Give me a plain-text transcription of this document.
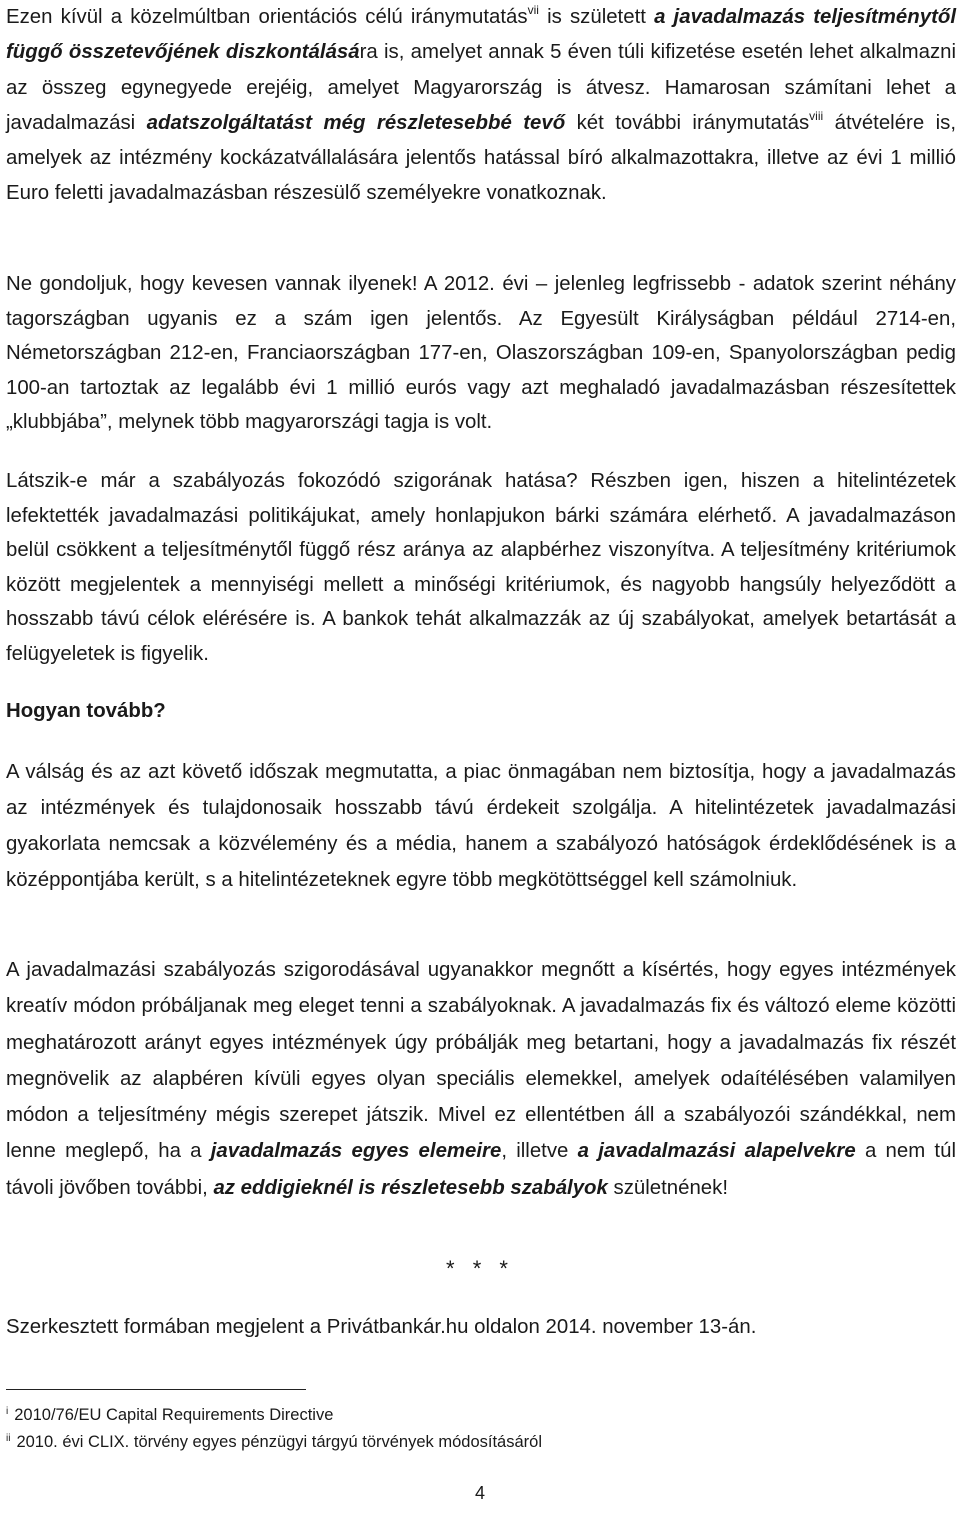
Ezen kívül a közelmúltban orientációs célú iránymutatás$^{vii}$ is született a javadalmazás teljesítménytől függő összetevőjének diszkontálására is, amelyet annak 5 éven túli kifizetése esetén lehet alkalmazni az összeg egynegyede erejéig, amelyet Magyarország is átvesz. Hamarosan számítani lehet a javadalmazási adatszolgáltatást még részletesebbé tevő két további iránymutatás$^{viii}$ átvételére is, amelyek az intézmény kockázatvállalására jelentős hatással bíró alkalmazottakra, illetve az évi 1 millió Euro feletti javadalmazásban részesülő személyekre vonatkoznak.

Ne gondoljuk, hogy kevesen vannak ilyenek! A 2012. évi – jelenleg legfrissebb - adatok szerint néhány tagországban ugyanis ez a szám igen jelentős. Az Egyesült Királyságban például 2714-en, Németországban 212-en, Franciaországban 177-en, Olaszországban 109-en, Spanyolországban pedig 100-an tartoztak az legalább évi 1 millió eurós vagy azt meghaladó javadalmazásban részesítettek „klubbjába”, melynek több magyarországi tagja is volt.

Látszik-e már a szabályozás fokozódó szigorának hatása? Részben igen, hiszen a hitelintézetek lefektették javadalmazási politikájukat, amely honlapjukon bárki számára elérhető. A javadalmazáson belül csökkent a teljesítménytől függő rész aránya az alapbérhez viszonyítva. A teljesítmény kritériumok között megjelentek a mennyiségi mellett a minőségi kritériumok, és nagyobb hangsúly helyeződött a hosszabb távú célok elérésére is. A bankok tehát alkalmazzák az új szabályokat, amelyek betartását a felügyeletek is figyelik.

Hogyan tovább?

A válság és az azt követő időszak megmutatta, a piac önmagában nem biztosítja, hogy a javadalmazás az intézmények és tulajdonosaik hosszabb távú érdekeit szolgálja. A hitelintézetek javadalmazási gyakorlata nemcsak a közvélemény és a média, hanem a szabályozó hatóságok érdeklődésének is a középpontjába került, s a hitelintézeteknek egyre több megkötöttséggel kell számolniuk.

A javadalmazási szabályozás szigorodásával ugyanakkor megnőtt a kísértés, hogy egyes intézmények kreatív módon próbáljanak meg eleget tenni a szabályoknak. A javadalmazás fix és változó eleme közötti meghatározott arányt egyes intézmények úgy próbálják meg betartani, hogy a javadalmazás fix részét megnövelik az alapbéren kívüli egyes olyan speciális elemekkel, amelyek odaítélésében valamilyen módon a teljesítmény mégis szerepet játszik. Mivel ez ellentétben áll a szabályozói szándékkal, nem lenne meglepő, ha a javadalmazás egyes elemeire, illetve a javadalmazási alapelvekre a nem túl távoli jövőben további, az eddigieknél is részletesebb szabályok születnének!

* * *

Szerkesztett formában megjelent a Privátbankár.hu oldalon 2014. november 13-án.

$^i$ 2010/76/EU Capital Requirements Directive

$^{ii}$ 2010. évi CLIX. törvény egyes pénzügyi tárgyú törvények módosításáról

4
